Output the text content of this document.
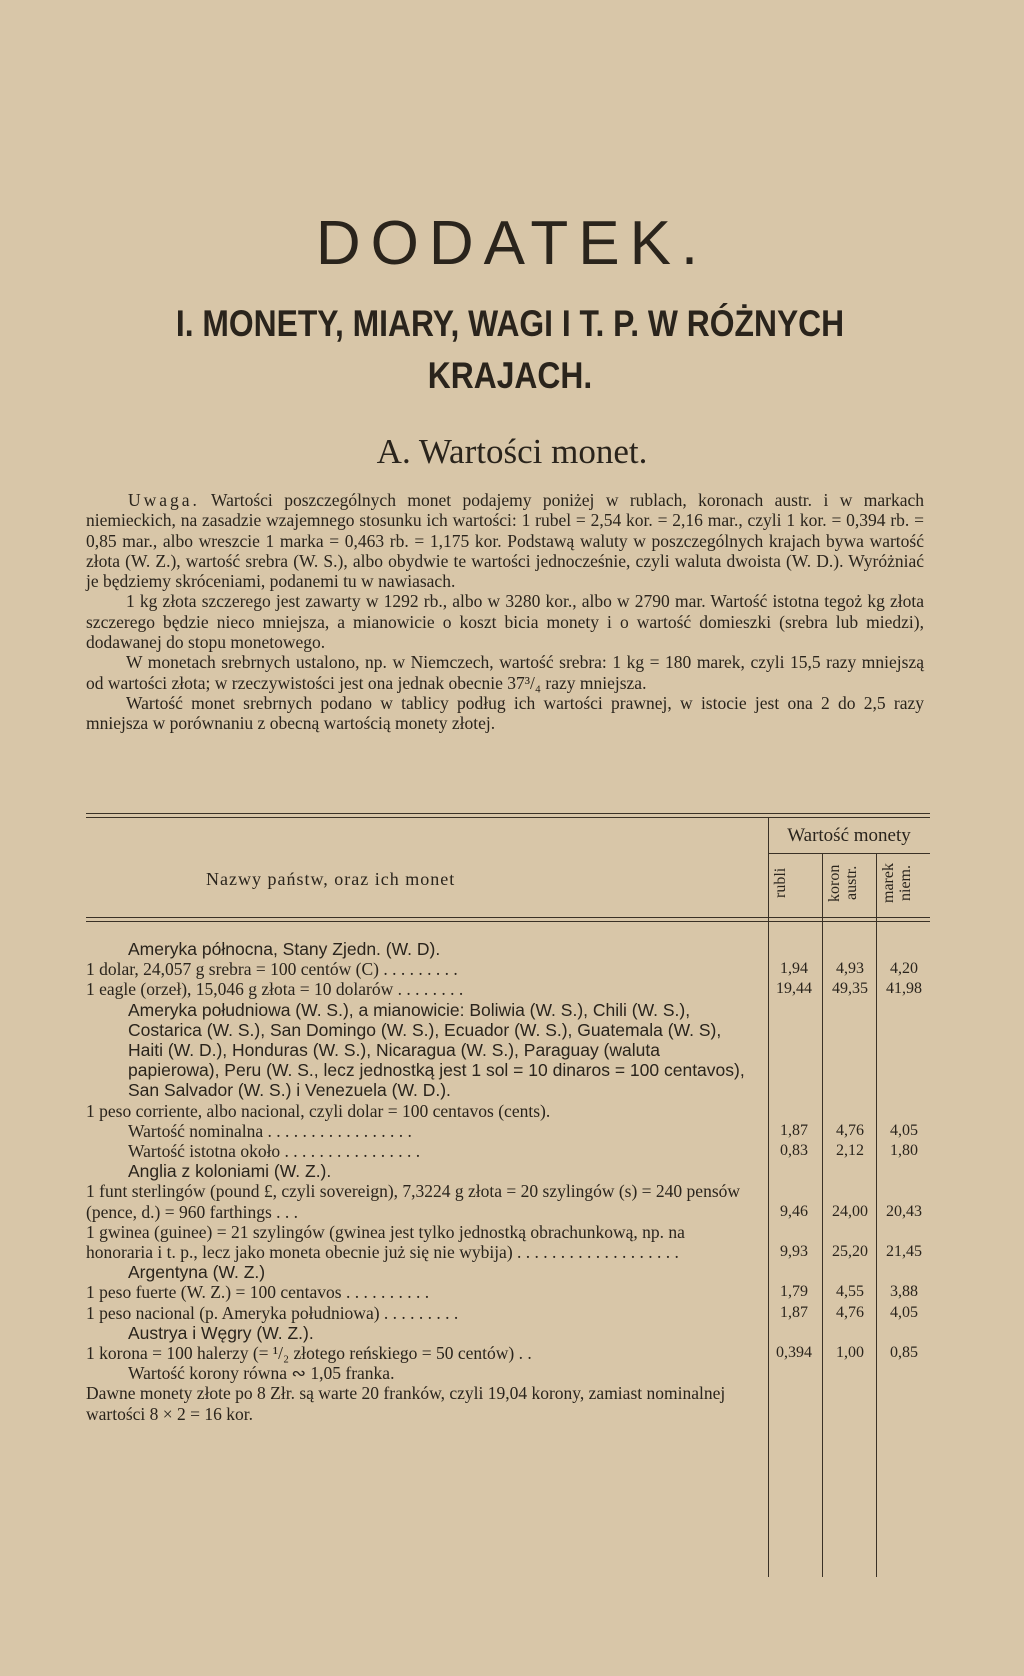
DODATEK.
I. MONETY, MIARY, WAGI I T. P. W RÓŻNYCH KRAJACH.
A. Wartości monet.

Uwaga. Wartości poszczególnych monet podajemy poniżej w rublach, koronach austr. i w markach niemieckich, na zasadzie wzajemnego stosunku ich wartości: 1 rubel = 2,54 kor. = 2,16 mar., czyli 1 kor. = 0,394 rb. = 0,85 mar., albo wreszcie 1 marka = 0,463 rb. = 1,175 kor. Podstawą waluty w poszczególnych krajach bywa wartość złota (W. Z.), wartość srebra (W. S.), albo obydwie te wartości jednocześnie, czyli waluta dwoista (W. D.). Wyróżniać je będziemy skróceniami, podanemi tu w nawiasach.

1 kg złota szczerego jest zawarty w 1292 rb., albo w 3280 kor., albo w 2790 mar. Wartość istotna tegoż kg złota szczerego będzie nieco mniejsza, a mianowicie o koszt bicia monety i o wartość domieszki (srebra lub miedzi), dodawanej do stopu monetowego.

W monetach srebrnych ustalono, np. w Niemczech, wartość srebra: 1 kg = 180 marek, czyli 15,5 razy mniejszą od wartości złota; w rzeczywistości jest ona jednak obecnie 37³/₄ razy mniejsza.

Wartość monet srebrnych podano w tablicy podług ich wartości prawnej, w istocie jest ona 2 do 2,5 razy mniejsza w porównaniu z obecną wartością monety złotej.

Nazwy państw, oraz ich monet
Wartość monety
rubli	koron austr.	marek niem.
Ameryka północna, Stany Zjedn. (W. D).
1 dolar, 24,057 g srebra = 100 centów (C) . . . . . . . . .	1,94	4,93	4,20
1 eagle (orzeł), 15,046 g złota = 10 dolarów . . . . . . . .	19,44	49,35	41,98
Ameryka południowa (W. S.), a mianowicie: Boliwia (W. S.), Chili (W. S.), Costarica (W. S.), San Domingo (W. S.), Ecuador (W. S.), Guatemala (W. S), Haiti (W. D.), Honduras (W. S.), Nicaragua (W. S.), Paraguay (waluta papierowa), Peru (W. S., lecz jednostką jest 1 sol = 10 dinaros = 100 centavos), San Salvador (W. S.) i Venezuela (W. D.).
1 peso corriente, albo nacional, czyli dolar = 100 centavos (cents).
Wartość nominalna . . . . . . . . . . . . . . . . .	1,87	4,76	4,05
Wartość istotna około . . . . . . . . . . . . . . . .	0,83	2,12	1,80
Anglia z koloniami (W. Z.).
1 funt sterlingów (pound £, czyli sovereign), 7,3224 g złota = 20 szylingów (s) = 240 pensów (pence, d.) = 960 farthings . . .	9,46	24,00	20,43
1 gwinea (guinee) = 21 szylingów (gwinea jest tylko jednostką obrachunkową, np. na honoraria i t. p., lecz jako moneta obecnie już się nie wybija) . . . . . . . . . . . . . . . . . . .	9,93	25,20	21,45
Argentyna (W. Z.)
1 peso fuerte (W. Z.) = 100 centavos . . . . . . . . . .	1,79	4,55	3,88
1 peso nacional (p. Ameryka południowa) . . . . . . . . .	1,87	4,76	4,05
Austrya i Węgry (W. Z.).
1 korona = 100 halerzy (= ¹/₂ złotego reńskiego = 50 centów) . .	0,394	1,00	0,85
Wartość korony równa ∾ 1,05 franka.
Dawne monety złote po 8 Złr. są warte 20 franków, czyli 19,04 korony, zamiast nominalnej wartości 8 × 2 = 16 kor.
